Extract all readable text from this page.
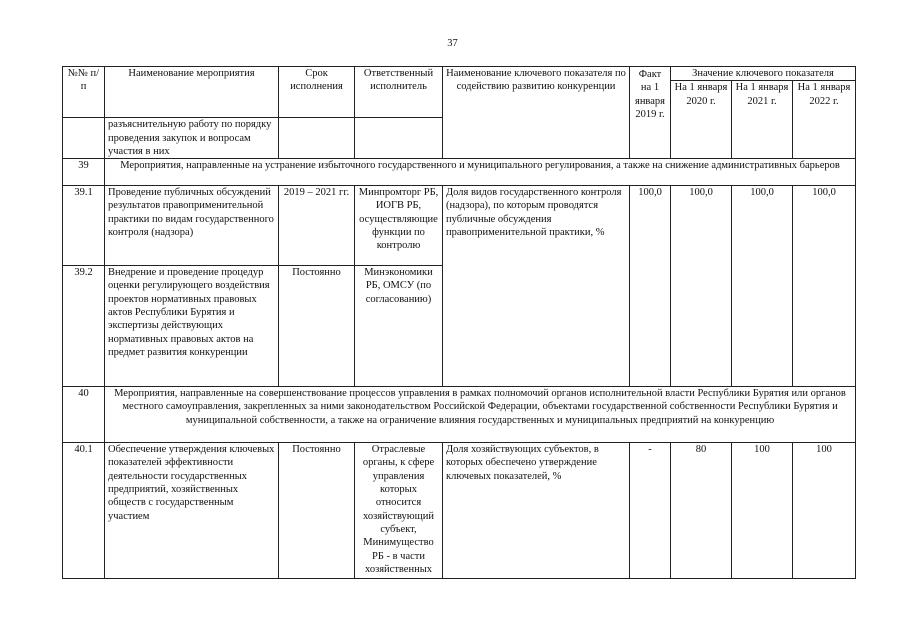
37
№№ п/п	Наименование мероприятия	Срок исполнения	Ответственный исполнитель	Наименование ключевого показателя по содействию развитию конкуренции	Факт на 1 января 2019 г.	Значение ключевого показателя		
						На 1 января 2020 г.	На 1 января 2021 г.	На 1 января 2022 г.
	разъяснительную работу по порядку проведения закупок и вопросам участия в них							
39	Мероприятия, направленные на устранение избыточного государственного и муниципального регулирования, а также на снижение административных барьеров							
39.1	Проведение публичных обсуждений результатов правоприменительной практики по видам государственного контроля (надзора)	2019 – 2021 гг.	Минпромторг РБ, ИОГВ РБ, осуществляющие функции по контролю	Доля видов государственного контроля (надзора), по которым проводятся публичные обсуждения правоприменительной практики, %	100,0	100,0	100,0	100,0
39.2	Внедрение и проведение процедур оценки регулирующего воздействия проектов нормативных правовых актов Республики Бурятия и экспертизы действующих нормативных правовых актов на предмет развития конкуренции	Постоянно	Минэкономики РБ, ОМСУ (по согласованию)					
40	Мероприятия, направленные на совершенствование процессов управления в рамках полномочий органов исполнительной власти Республики Бурятия или органов местного самоуправления, закрепленных за ними законодательством Российской Федерации, объектами государственной собственности Республики Бурятия и муниципальной собственности, а также на ограничение влияния государственных и муниципальных предприятий на конкуренцию							
40.1	Обеспечение утверждения ключевых показателей эффективности деятельности государственных предприятий, хозяйственных обществ с государственным участием	Постоянно	Отраслевые органы, к сфере управления которых относится хозяйствующий субъект, Минимущество РБ - в части хозяйственных	Доля хозяйствующих субъектов, в которых обеспечено утверждение ключевых показателей, %	-	80	100	100
